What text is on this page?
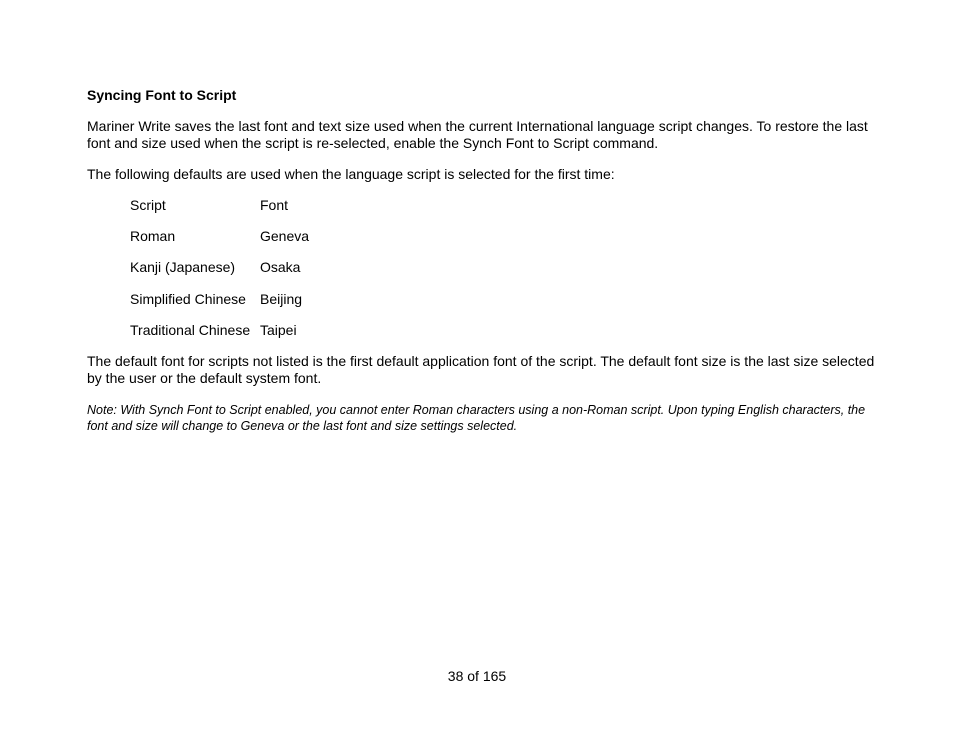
Syncing Font to Script
Mariner Write saves the last font and text size used when the current International language script changes. To restore the last font and size used when the script is re-selected, enable the Synch Font to Script command.
The following defaults are used when the language script is selected for the first time:
Script	Font
Roman	Geneva
Kanji (Japanese) Osaka
Simplified Chinese Beijing
Traditional Chinese Taipei
The default font for scripts not listed is the first default application font of the script. The default font size is the last size selected by the user or the default system font.
Note: With Synch Font to Script enabled, you cannot enter Roman characters using a non-Roman script. Upon typing English characters, the font and size will change to Geneva or the last font and size settings selected.
38 of 165
